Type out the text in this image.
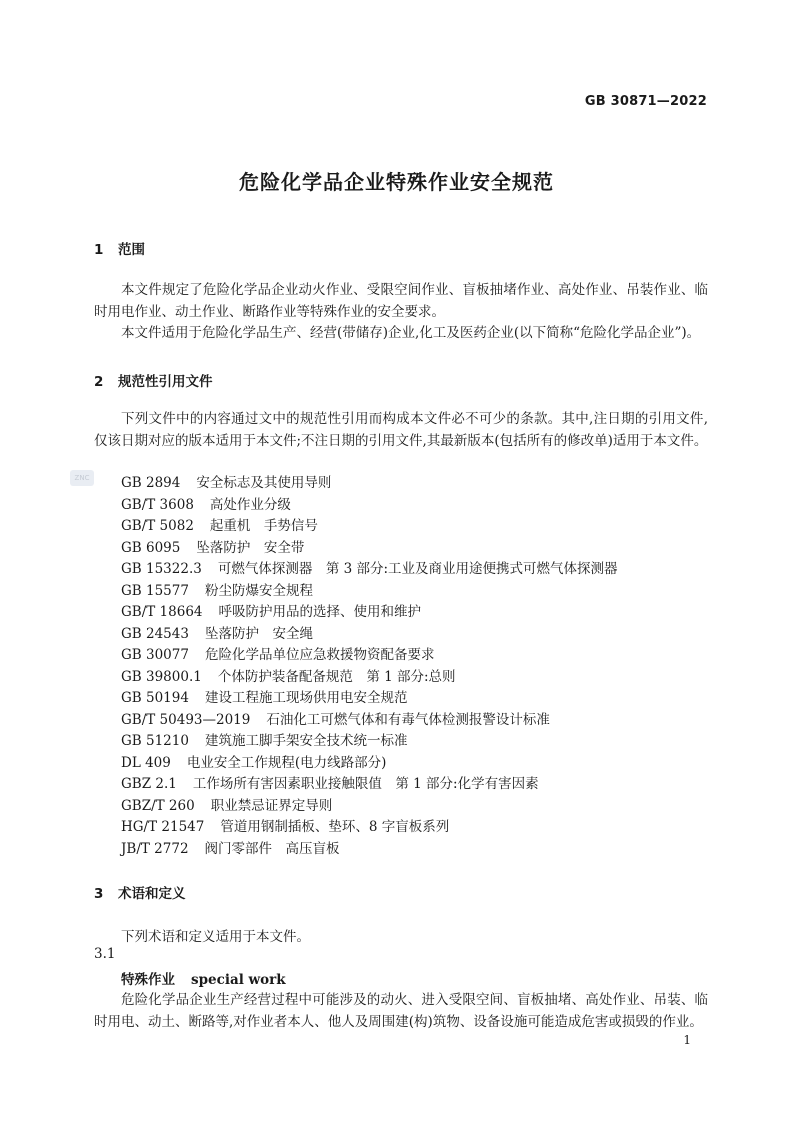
GB 30871—2022
危险化学品企业特殊作业安全规范
ZNC
1 范围
本文件规定了危险化学品企业动火作业、受限空间作业、盲板抽堵作业、高处作业、吊装作业、临时用电作业、动土作业、断路作业等特殊作业的安全要求。
本文件适用于危险化学品生产、经营(带储存)企业,化工及医药企业(以下简称“危险化学品企业”)。
2 规范性引用文件
下列文件中的内容通过文中的规范性引用而构成本文件必不可少的条款。其中,注日期的引用文件,仅该日期对应的版本适用于本文件;不注日期的引用文件,其最新版本(包括所有的修改单)适用于本文件。
GB 2894 安全标志及其使用导则
GB/T 3608 高处作业分级
GB/T 5082 起重机　手势信号
GB 6095 坠落防护　安全带
GB 15322.3 可燃气体探测器　第 3 部分:工业及商业用途便携式可燃气体探测器
GB 15577 粉尘防爆安全规程
GB/T 18664 呼吸防护用品的选择、使用和维护
GB 24543 坠落防护　安全绳
GB 30077 危险化学品单位应急救援物资配备要求
GB 39800.1 个体防护装备配备规范　第 1 部分:总则
GB 50194 建设工程施工现场供用电安全规范
GB/T 50493—2019 石油化工可燃气体和有毒气体检测报警设计标准
GB 51210 建筑施工脚手架安全技术统一标准
DL 409 电业安全工作规程(电力线路部分)
GBZ 2.1 工作场所有害因素职业接触限值　第 1 部分:化学有害因素
GBZ/T 260 职业禁忌证界定导则
HG/T 21547 管道用钢制插板、垫环、8 字盲板系列
JB/T 2772 阀门零部件　高压盲板
3 术语和定义
下列术语和定义适用于本文件。
3.1
特殊作业 special work
危险化学品企业生产经营过程中可能涉及的动火、进入受限空间、盲板抽堵、高处作业、吊装、临时用电、动土、断路等,对作业者本人、他人及周围建(构)筑物、设备设施可能造成危害或损毁的作业。
1
